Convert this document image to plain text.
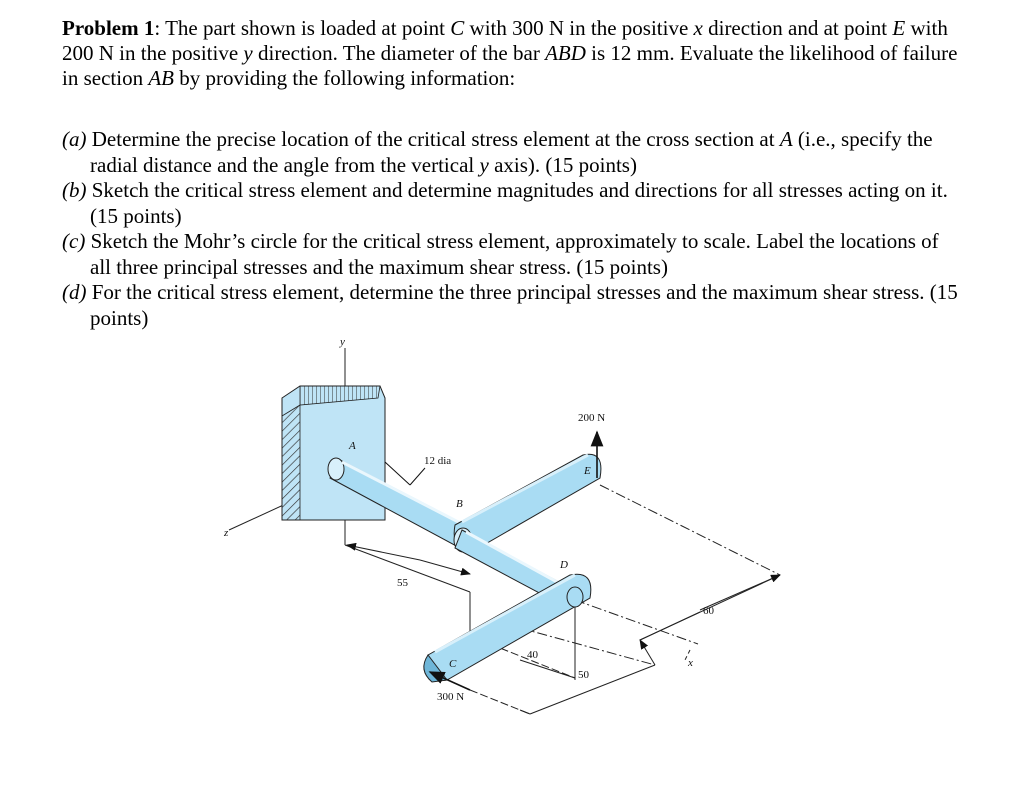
Problem 1: The part shown is loaded at point C with 300 N in the positive x direction and at point E with 200 N in the positive y direction. The diameter of the bar ABD is 12 mm. Evaluate the likelihood of failure in section AB by providing the following information:

(a) Determine the precise location of the critical stress element at the cross section at A (i.e., specify the radial distance and the angle from the vertical y axis). (15 points)

(b) Sketch the critical stress element and determine magnitudes and directions for all stresses acting on it. (15 points)

(c) Sketch the Mohr’s circle for the critical stress element, approximately to scale. Label the locations of all three principal stresses and the maximum shear stress. (15 points)

(d) For the critical stress element, determine the three principal stresses and the maximum shear stress. (15 points)

y
z
x
A
B
C
D
E
12 dia
200 N
300 N
55
40
50
60
